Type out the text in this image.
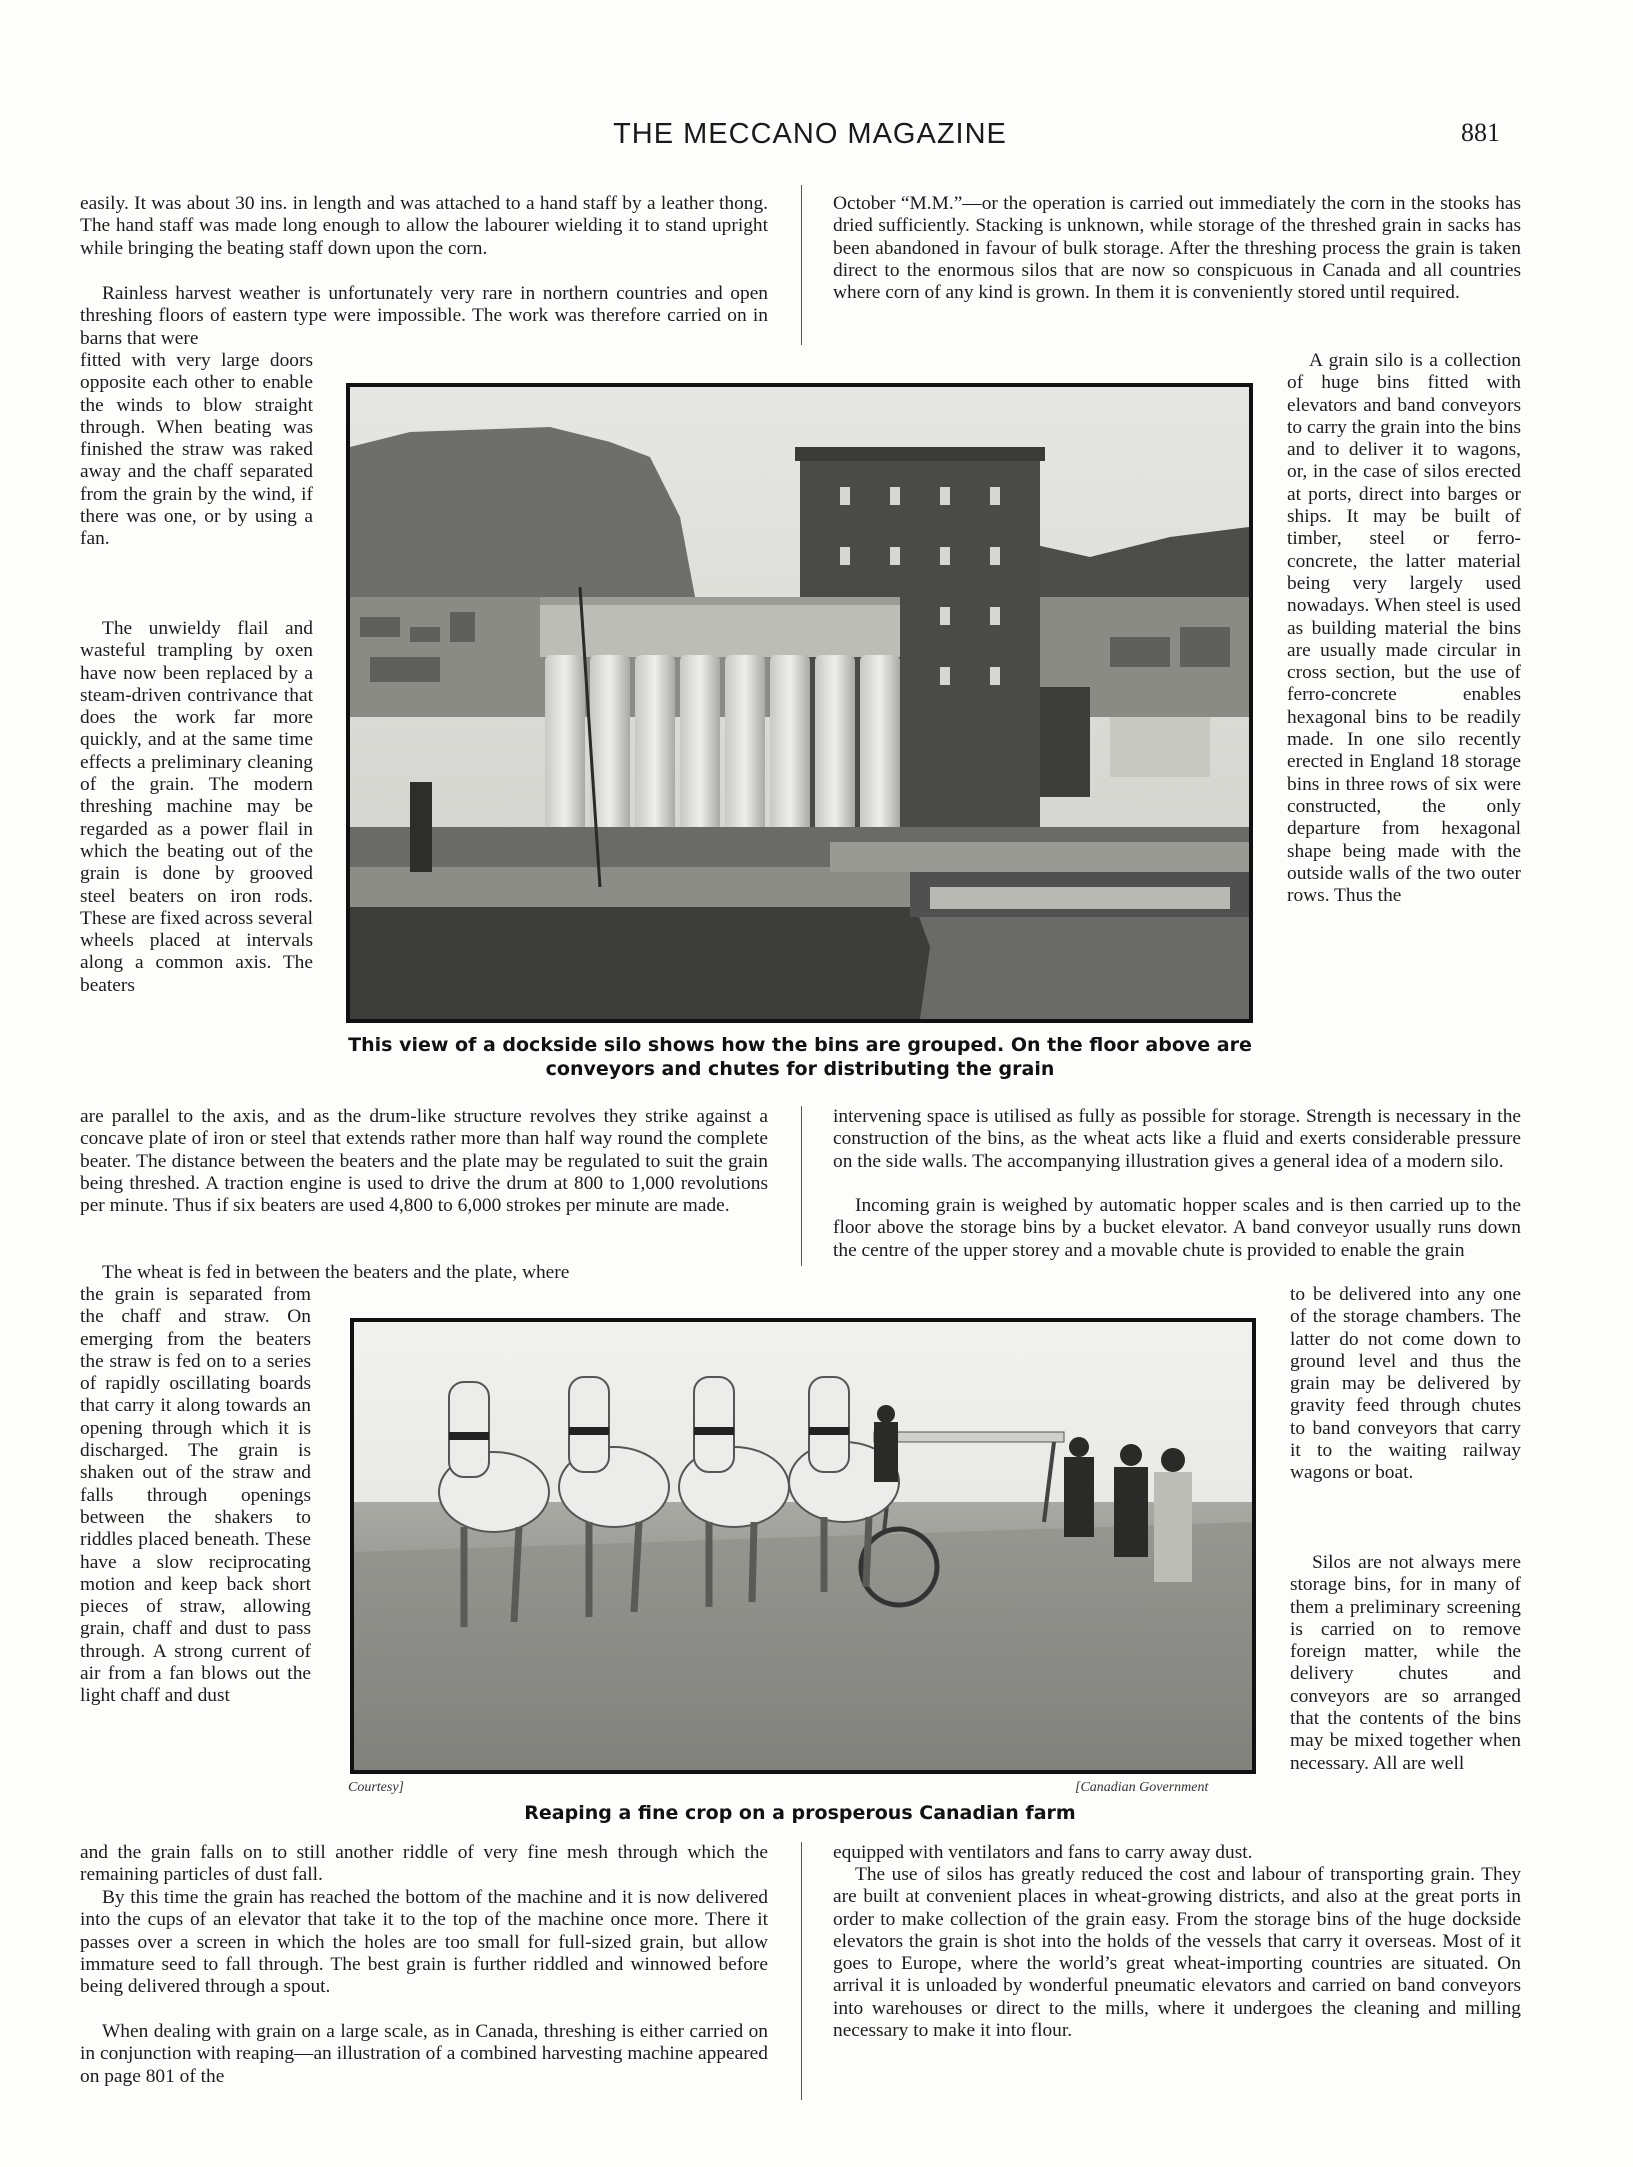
THE MECCANO MAGAZINE	881

easily. It was about 30 ins. in length and was attached to a hand staff by a leather thong. The hand staff was made long enough to allow the labourer wielding it to stand upright while bringing the beating staff down upon the corn.

Rainless harvest weather is unfortunately very rare in northern countries and open threshing floors of eastern type were impossible. The work was therefore carried on in barns that were

fitted with very large doors opposite each other to enable the winds to blow straight through. When beating was finished the straw was raked away and the chaff separated from the grain by the wind, if there was one, or by using a fan.

The unwieldy flail and wasteful trampling by oxen have now been replaced by a steam-driven contrivance that does the work far more quickly, and at the same time effects a preliminary cleaning of the grain. The modern threshing machine may be regarded as a power flail in which the beating out of the grain is done by grooved steel beaters on iron rods. These are fixed across several wheels placed at intervals along a common axis. The beaters

are parallel to the axis, and as the drum-like structure revolves they strike against a concave plate of iron or steel that extends rather more than half way round the complete beater. The distance between the beaters and the plate may be regulated to suit the grain being threshed. A traction engine is used to drive the drum at 800 to 1,000 revolutions per minute. Thus if six beaters are used 4,800 to 6,000 strokes per minute are made.

The wheat is fed in between the beaters and the plate, where

the grain is separated from the chaff and straw. On emerging from the beaters the straw is fed on to a series of rapidly oscillating boards that carry it along towards an opening through which it is discharged. The grain is shaken out of the straw and falls through openings between the shakers to riddles placed beneath. These have a slow reciprocating motion and keep back short pieces of straw, allowing grain, chaff and dust to pass through. A strong current of air from a fan blows out the light chaff and dust

and the grain falls on to still another riddle of very fine mesh through which the remaining particles of dust fall.

By this time the grain has reached the bottom of the machine and it is now delivered into the cups of an elevator that take it to the top of the machine once more. There it passes over a screen in which the holes are too small for full-sized grain, but allow immature seed to fall through. The best grain is further riddled and winnowed before being delivered through a spout.

When dealing with grain on a large scale, as in Canada, threshing is either carried on in conjunction with reaping—an illustration of a combined harvesting machine appeared on page 801 of the

October “M.M.”—or the operation is carried out immediately the corn in the stooks has dried sufficiently. Stacking is unknown, while storage of the threshed grain in sacks has been abandoned in favour of bulk storage. After the threshing process the grain is taken direct to the enormous silos that are now so conspicuous in Canada and all countries where corn of any kind is grown. In them it is conveniently stored until required.

A grain silo is a collection of huge bins fitted with elevators and band conveyors to carry the grain into the bins and to deliver it to wagons, or, in the case of silos erected at ports, direct into barges or ships. It may be built of timber, steel or ferro-concrete, the latter material being very largely used nowadays. When steel is used as building material the bins are usually made circular in cross section, but the use of ferro-concrete enables hexagonal bins to be readily made. In one silo recently erected in England 18 storage bins in three rows of six were constructed, the only departure from hexagonal shape being made with the outside walls of the two outer rows. Thus the

intervening space is utilised as fully as possible for storage. Strength is necessary in the construction of the bins, as the wheat acts like a fluid and exerts considerable pressure on the side walls. The accompanying illustration gives a general idea of a modern silo.

Incoming grain is weighed by automatic hopper scales and is then carried up to the floor above the storage bins by a bucket elevator. A band conveyor usually runs down the centre of the upper storey and a movable chute is provided to enable the grain

to be delivered into any one of the storage chambers. The latter do not come down to ground level and thus the grain may be delivered by gravity feed through chutes to band conveyors that carry it to the waiting railway wagons or boat.

Silos are not always mere storage bins, for in many of them a preliminary screening is carried on to remove foreign matter, while the delivery chutes and conveyors are so arranged that the contents of the bins may be mixed together when necessary. All are well

equipped with ventilators and fans to carry away dust.

The use of silos has greatly reduced the cost and labour of transporting grain. They are built at convenient places in wheat-growing districts, and also at the great ports in order to make collection of the grain easy. From the storage bins of the huge dockside elevators the grain is shot into the holds of the vessels that carry it overseas. Most of it goes to Europe, where the world’s great wheat-importing countries are situated. On arrival it is unloaded by wonderful pneumatic elevators and carried on band conveyors into warehouses or direct to the mills, where it undergoes the cleaning and milling necessary to make it into flour.

This view of a dockside silo shows how the bins are grouped. On the floor above are
conveyors and chutes for distributing the grain
Courtesy]	[Canadian Government
Reaping a fine crop on a prosperous Canadian farm
